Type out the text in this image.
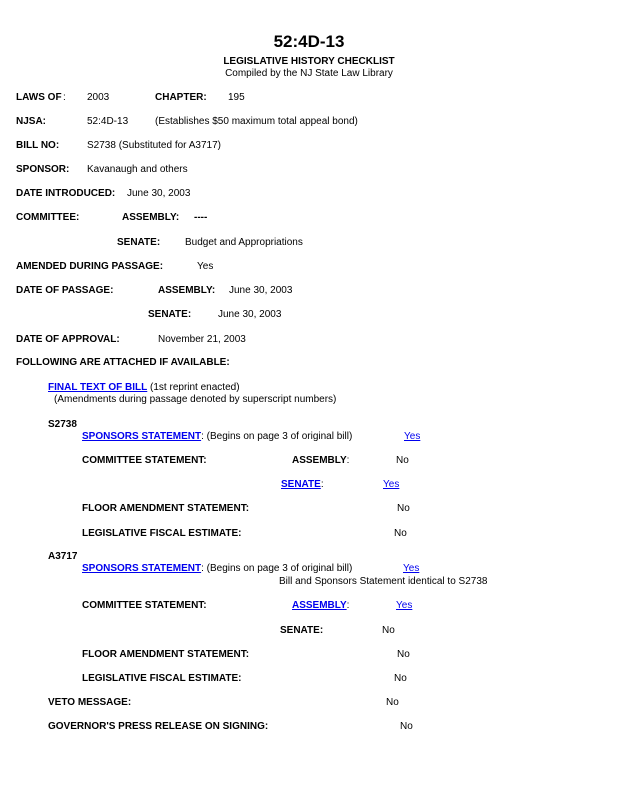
52:4D-13
LEGISLATIVE HISTORY CHECKLIST
Compiled by the NJ State Law Library
LAWS OF : 2003	CHAPTER: 195
NJSA:	52:4D-13	(Establishes $50 maximum total appeal bond)
BILL NO:	S2738 (Substituted for A3717)
SPONSOR: Kavanaugh and others
DATE INTRODUCED: June 30, 2003
COMMITTEE:	ASSEMBLY: ----
SENATE: Budget and Appropriations
AMENDED DURING PASSAGE:	Yes
DATE OF PASSAGE:	ASSEMBLY: June 30, 2003
SENATE:	June 30, 2003
DATE OF APPROVAL:	November 21, 2003
FOLLOWING ARE ATTACHED IF AVAILABLE:
FINAL TEXT OF BILL (1st reprint enacted)
(Amendments during passage denoted by superscript numbers)
S2738
SPONSORS STATEMENT: (Begins on page 3 of original bill)	Yes
COMMITTEE STATEMENT:	ASSEMBLY:	No
SENATE:	Yes
FLOOR AMENDMENT STATEMENT:	No
LEGISLATIVE FISCAL ESTIMATE:	No
A3717
SPONSORS STATEMENT: (Begins on page 3 of original bill)	Yes
Bill and Sponsors Statement identical to S2738
COMMITTEE STATEMENT:	ASSEMBLY:	Yes
SENATE:	No
FLOOR AMENDMENT STATEMENT:	No
LEGISLATIVE FISCAL ESTIMATE:	No
VETO MESSAGE:	No
GOVERNOR'S PRESS RELEASE ON SIGNING:	No
